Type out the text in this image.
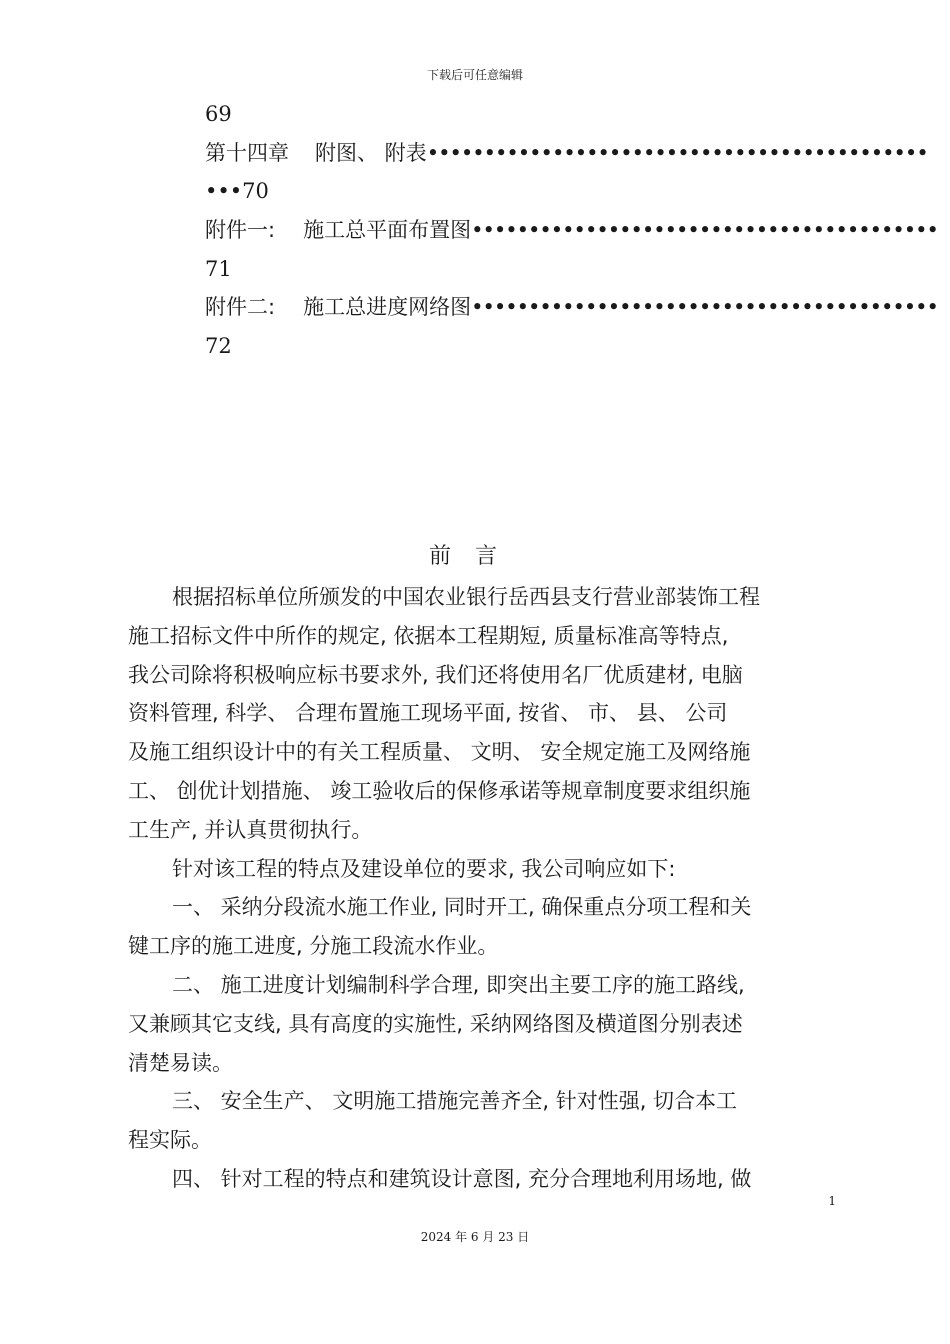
下载后可任意编辑
69
第十四章 附图、 附表••••••••••••••••••••••••••••••••••••••••••••
•••70
附件一: 施工总平面布置图•••••••••••••••••••••••••••••••••••••••••
71
附件二: 施工总进度网络图•••••••••••••••••••••••••••••••••••••••••
72
前言
根据招标单位所颁发的中国农业银行岳西县支行营业部装饰工程
施工招标文件中所作的规定, 依据本工程期短, 质量标准高等特点,
我公司除将积极响应标书要求外, 我们还将使用名厂优质建材, 电脑
资料管理, 科学、 合理布置施工现场平面, 按省、 市、 县、 公司
及施工组织设计中的有关工程质量、 文明、 安全规定施工及网络施
工、 创优计划措施、 竣工验收后的保修承诺等规章制度要求组织施
工生产, 并认真贯彻执行。
针对该工程的特点及建设单位的要求, 我公司响应如下:
一、 采纳分段流水施工作业, 同时开工, 确保重点分项工程和关
键工序的施工进度, 分施工段流水作业。
二、 施工进度计划编制科学合理, 即突出主要工序的施工路线,
又兼顾其它支线, 具有高度的实施性, 采纳网络图及横道图分别表述
清楚易读。
三、 安全生产、 文明施工措施完善齐全, 针对性强, 切合本工
程实际。
四、 针对工程的特点和建筑设计意图, 充分合理地利用场地, 做
1
2024 年 6 月 23 日
